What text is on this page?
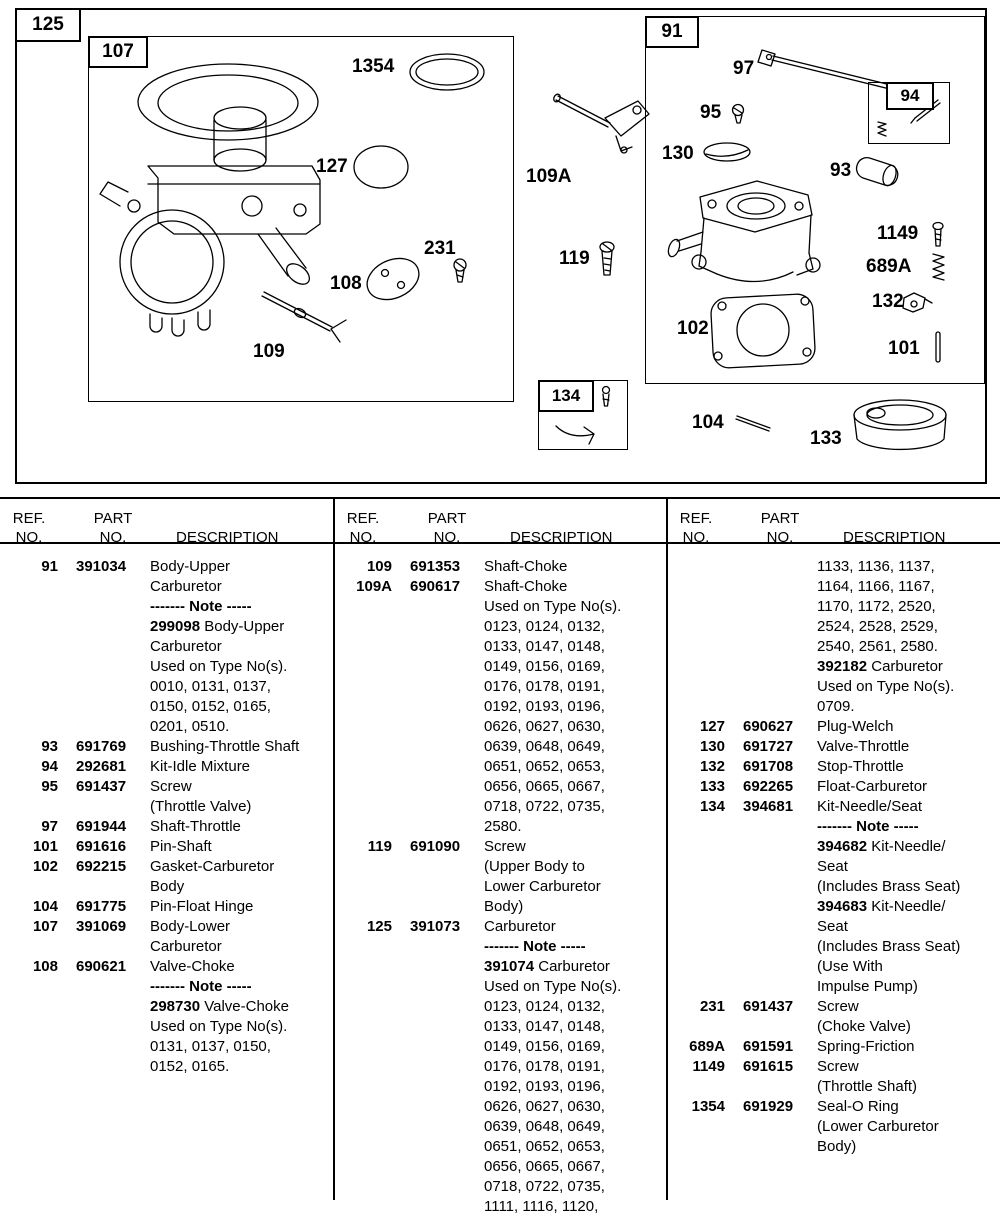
125
107
91
94
134
1354
127
231
108
109
109A
119
97
95
130
93
1149
689A
132
102
101
104
133
REF.
NO.
PART
NO.	DESCRIPTION
91 391034	Body-Upper
Carburetor
------- Note -----
299098 Body-Upper
Carburetor
Used on Type No(s).
0010, 0131, 0137,
0150, 0152, 0165,
0201, 0510.
93 691769	Bushing-Throttle Shaft
94 292681	Kit-Idle Mixture
95 691437	Screw
(Throttle Valve)
97 691944	Shaft-Throttle
101 691616	Pin-Shaft
102 692215	Gasket-Carburetor
Body
104 691775	Pin-Float Hinge
107 391069	Body-Lower
Carburetor
108 690621	Valve-Choke
------- Note -----
298730 Valve-Choke
Used on Type No(s).
0131, 0137, 0150,
0152, 0165.
REF.
NO.
PART
NO.	DESCRIPTION
109 691353	Shaft-Choke
109A 690617	Shaft-Choke
Used on Type No(s).
0123, 0124, 0132,
0133, 0147, 0148,
0149, 0156, 0169,
0176, 0178, 0191,
0192, 0193, 0196,
0626, 0627, 0630,
0639, 0648, 0649,
0651, 0652, 0653,
0656, 0665, 0667,
0718, 0722, 0735,
2580.
119 691090	Screw
(Upper Body to
Lower Carburetor
Body)
125 391073	Carburetor
------- Note -----
391074 Carburetor
Used on Type No(s).
0123, 0124, 0132,
0133, 0147, 0148,
0149, 0156, 0169,
0176, 0178, 0191,
0192, 0193, 0196,
0626, 0627, 0630,
0639, 0648, 0649,
0651, 0652, 0653,
0656, 0665, 0667,
0718, 0722, 0735,
1111, 1116, 1120,
REF.
NO.
PART
NO.	DESCRIPTION
1133, 1136, 1137,
1164, 1166, 1167,
1170, 1172, 2520,
2524, 2528, 2529,
2540, 2561, 2580.
392182 Carburetor
Used on Type No(s).
0709.
127 690627	Plug-Welch
130 691727	Valve-Throttle
132 691708	Stop-Throttle
133 692265	Float-Carburetor
134 394681	Kit-Needle/Seat
------- Note -----
394682 Kit-Needle/
Seat
(Includes Brass Seat)
394683 Kit-Needle/
Seat
(Includes Brass Seat)
(Use With
Impulse Pump)
231 691437	Screw
(Choke Valve)
689A 691591	Spring-Friction
1149 691615	Screw
(Throttle Shaft)
1354 691929	Seal-O Ring
(Lower Carburetor
Body)
